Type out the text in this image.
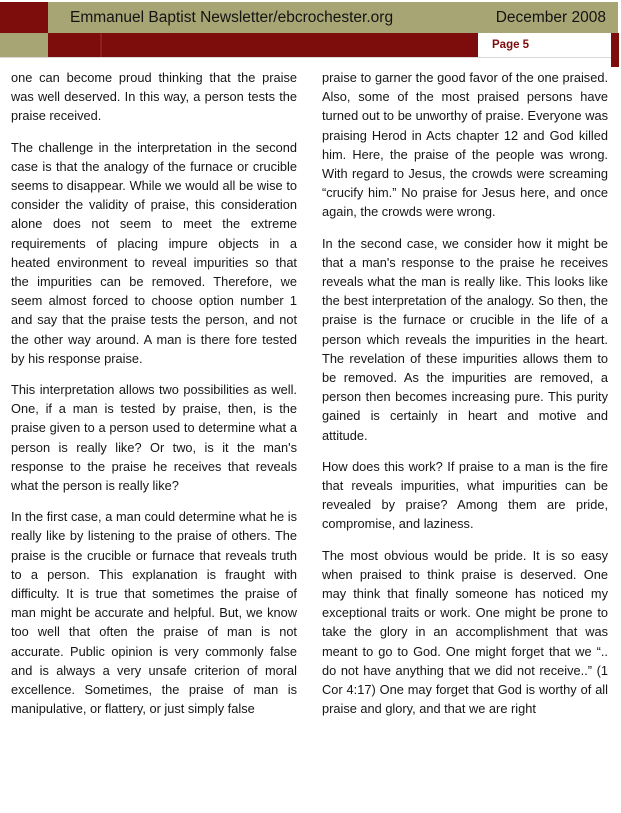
Emmanuel Baptist Newsletter/ebcrochester.org	December 2008
Page 5

one can become proud thinking that the praise was well deserved. In this way, a person tests the praise received.

The challenge in the interpretation in the second case is that the analogy of the furnace or crucible seems to disappear. While we would all be wise to consider the validity of praise, this consideration alone does not seem to meet the extreme requirements of placing impure objects in a heated environment to reveal impurities so that the impurities can be removed. Therefore, we seem almost forced to choose option number 1 and say that the praise tests the person, and not the other way around. A man is there fore tested by his response praise.

This interpretation allows two possibilities as well. One, if a man is tested by praise, then, is the praise given to a person used to determine what a person is really like? Or two, is it the man's response to the praise he receives that reveals what the person is really like?

In the first case, a man could determine what he is really like by listening to the praise of others. The praise is the crucible or furnace that reveals truth to a person. This explanation is fraught with difficulty. It is true that sometimes the praise of man might be accurate and helpful. But, we know too well that often the praise of man is not accurate. Public opinion is very commonly false and is always a very unsafe criterion of moral excellence. Sometimes, the praise of man is manipulative, or flattery, or just simply false

praise to garner the good favor of the one praised. Also, some of the most praised persons have turned out to be unworthy of praise. Everyone was praising Herod in Acts chapter 12 and God killed him. Here, the praise of the people was wrong. With regard to Jesus, the crowds were screaming “crucify him.” No praise for Jesus here, and once again, the crowds were wrong.

In the second case, we consider how it might be that a man's response to the praise he receives reveals what the man is really like. This looks like the best interpretation of the analogy. So then, the praise is the furnace or crucible in the life of a person which reveals the impurities in the heart. The revelation of these impurities allows them to be removed. As the impurities are removed, a person then becomes increasing pure. This purity gained is certainly in heart and motive and attitude.

How does this work? If praise to a man is the fire that reveals impurities, what impurities can be revealed by praise? Among them are pride, compromise, and laziness.

The most obvious would be pride. It is so easy when praised to think praise is deserved. One may think that finally someone has noticed my exceptional traits or work. One might be prone to take the glory in an accomplishment that was meant to go to God. One might forget that we “.. do not have anything that we did not receive..” (1 Cor 4:17) One may forget that God is worthy of all praise and glory, and that we are right
